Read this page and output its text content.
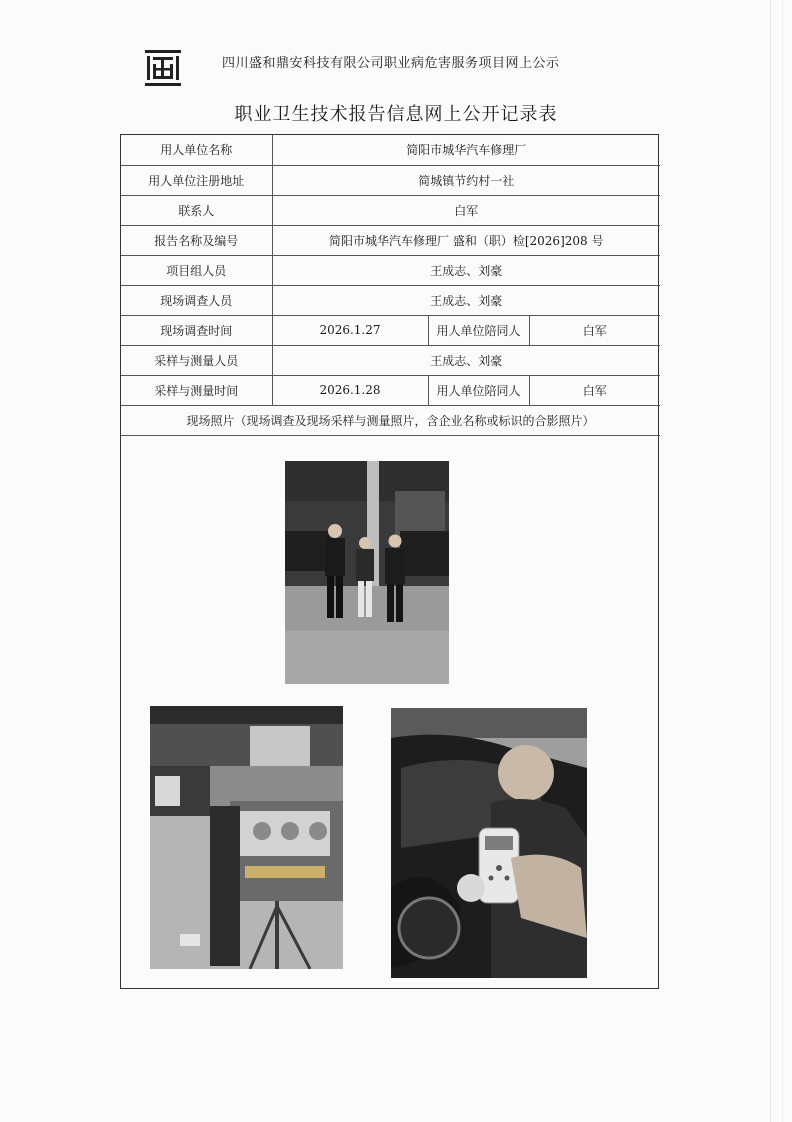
四川盛和鼎安科技有限公司职业病危害服务项目网上公示
职业卫生技术报告信息网上公开记录表
用人单位名称	简阳市城华汽车修理厂		
用人单位注册地址	简城镇节约村一社		
联系人	白军		
报告名称及编号	简阳市城华汽车修理厂 盛和（职）检[2026]208 号		
项目组人员	王成志、刘豪		
现场调查人员	王成志、刘豪		
现场调查时间	2026.1.27	用人单位陪同人	白军
采样与测量人员	王成志、刘豪		
采样与测量时间	2026.1.28	用人单位陪同人	白军
现场照片（现场调查及现场采样与测量照片，含企业名称或标识的合影照片）			
